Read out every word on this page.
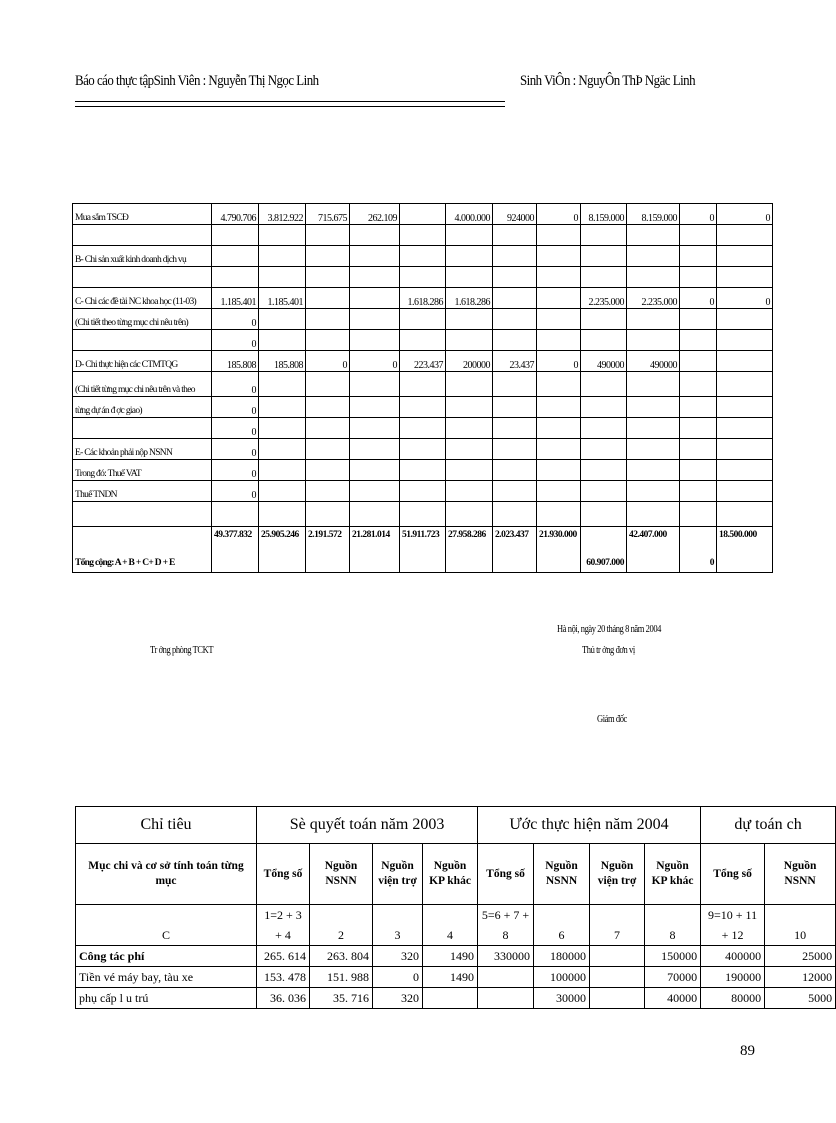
Báo cáo thực tậpSinh Viên : Nguyễn Thị Ngọc Linh	Sinh ViÔn : NguyÔn ThÞ Ngäc Linh
Mua sắm TSCĐ	4.790.706	3.812.922	715.675	262.109		4.000.000	924000	0	8.159.000	8.159.000	0	0

B- Chi sản xuất kinh doanh dịch vụ												

C- Chi các đề tài NC khoa học (11-03)	1.185.401	1.185.401			1.618.286	1.618.286			2.235.000	2.235.000	0	0
(Chi tiết theo từng mục chi nêu trên)	0											
	0											
D- Chi thực hiện các CTMTQG	185.808	185.808	0	0	223.437	200000	23.437	0	490000	490000		
(Chi tiết từng mục chi nêu trên và theo	0											
từng dự án đ ợc giao)	0											
	0											
E- Các khoản phải nộp NSNN	0											
Trong đó: Thuế VAT	0											
Thuế TNDN	0											

Tổng cộng: A + B + C+ D + E	49.377.832	25.905.246	2.191.572	21.281.014	51.911.723	27.958.286	2.023.437	21.930.000	60.907.000	42.407.000	0	18.500.000
Tr ởng phòng TCKT
Hà nội, ngày 20 tháng 8 năm 2004
Thủ tr ởng đơn vị
Giám đốc
Chỉ tiêu	Sè quyết toán năm 2003				Ước thực hiện năm 2004				dự toán ch	
Mục chi và cơ sở tính toán từng mục	Tổng số	Nguồn NSNN	Nguồn viện trợ	Nguồn KP khác	Tổng số	Nguồn NSNN	Nguồn viện trợ	Nguồn KP khác	Tổng số	Nguồn NSNN
C	1=2 + 3 + 4	2	3	4	5=6 + 7 + 8	6	7	8	9=10 + 11 + 12	10
Công tác phí	265. 614	263. 804	320	1490	330000	180000		150000	400000	25000
Tiền vé máy bay, tàu xe	153. 478	151. 988	0	1490		100000		70000	190000	12000
phụ cấp l u trú	36. 036	35. 716	320			30000		40000	80000	5000
89
